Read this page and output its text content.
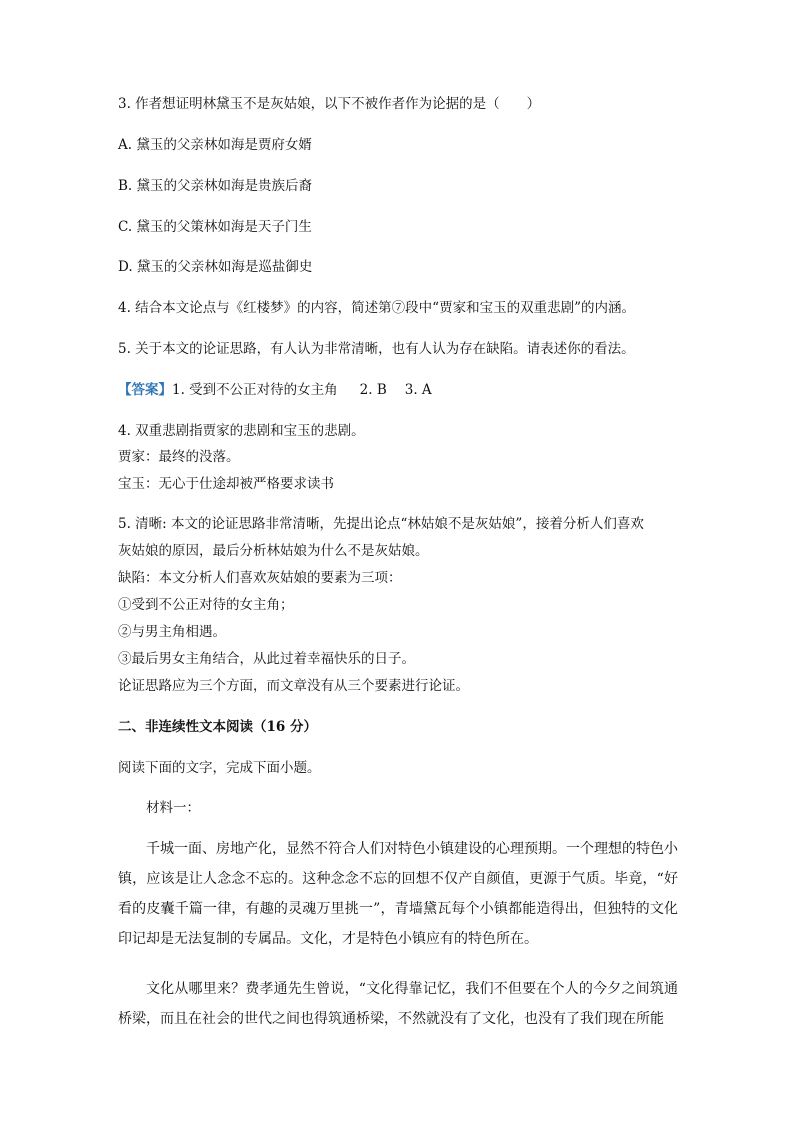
3. 作者想证明林黛玉不是灰姑娘，以下不被作者作为论据的是（　　）
A. 黛玉的父亲林如海是贾府女婿
B. 黛玉的父亲林如海是贵族后裔
C. 黛玉的父策林如海是天子门生
D. 黛玉的父亲林如海是巡盐御史
4. 结合本文论点与《红楼梦》的内容，简述第⑦段中“贾家和宝玉的双重悲剧”的内涵。
5. 关于本文的论证思路，有人认为非常清晰，也有人认为存在缺陷。请表述你的看法。
【答案】1. 受到不公正对待的女主角 2. B 3. A
4. 双重悲剧指贾家的悲剧和宝玉的悲剧。
贾家：最终的没落。
宝玉：无心于仕途却被严格要求读书
5. 清晰: 本文的论证思路非常清晰，先提出论点“林姑娘不是灰姑娘”，接着分析人们喜欢
灰姑娘的原因，最后分析林姑娘为什么不是灰姑娘。
缺陷：本文分析人们喜欢灰姑娘的要素为三项：
①受到不公正对待的女主角；
②与男主角相遇。
③最后男女主角结合，从此过着幸福快乐的日子。
论证思路应为三个方面，而文章没有从三个要素进行论证。
二、非连续性文本阅读（16 分）
阅读下面的文字，完成下面小题。
材料一：

千城一面、房地产化，显然不符合人们对特色小镇建设的心理预期。一个理想的特色小镇，应该是让人念念不忘的。这种念念不忘的回想不仅产自颜值，更源于气质。毕竟，“好看的皮囊千篇一律，有趣的灵魂万里挑一”，青墙黛瓦每个小镇都能造得出，但独特的文化印记却是无法复制的专属品。文化，才是特色小镇应有的特色所在。

文化从哪里来？费孝通先生曾说，“文化得靠记忆，我们不但要在个人的今夕之间筑通桥梁，而且在社会的世代之间也得筑通桥梁，不然就没有了文化，也没有了我们现在所能
